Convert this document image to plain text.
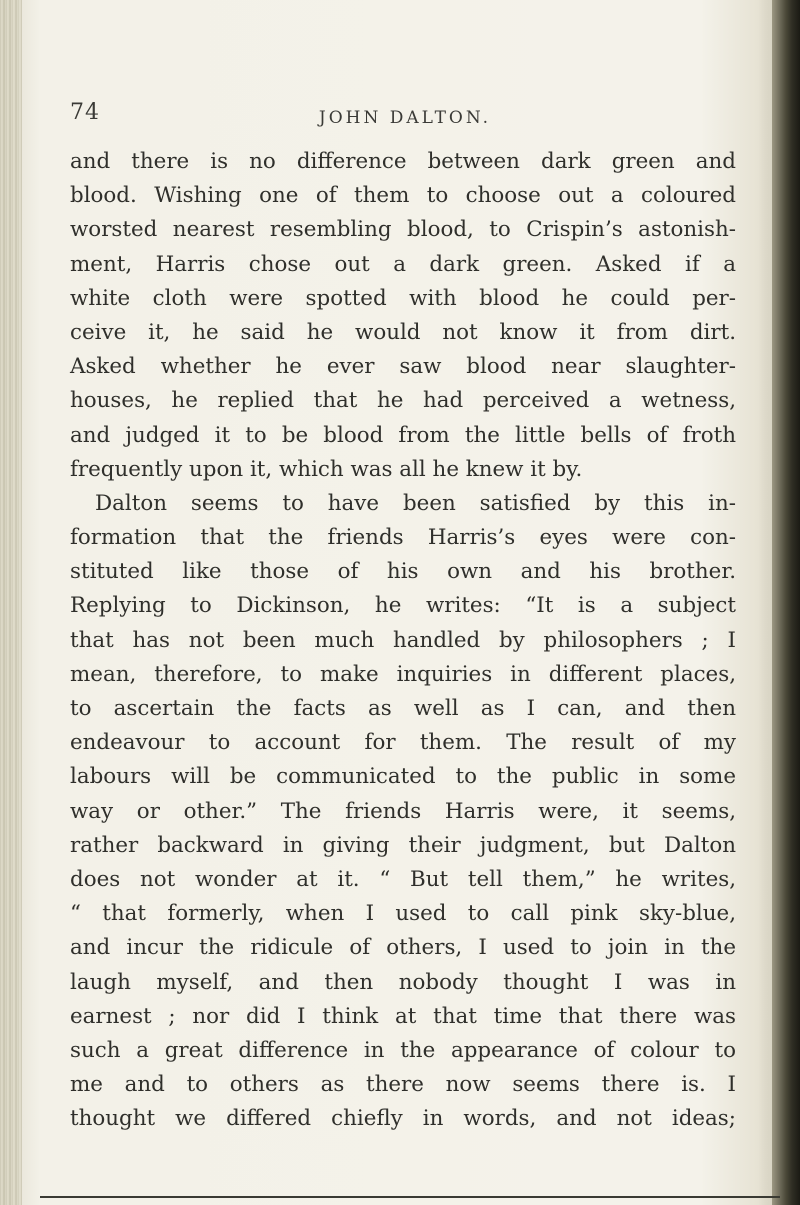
74	JOHN DALTON.
and there is no difference between dark green and
blood. Wishing one of them to choose out a coloured
worsted nearest resembling blood, to Crispin’s astonish-
ment, Harris chose out a dark green. Asked if a
white cloth were spotted with blood he could per-
ceive it, he said he would not know it from dirt.
Asked whether he ever saw blood near slaughter-
houses, he replied that he had perceived a wetness,
and judged it to be blood from the little bells of froth
frequently upon it, which was all he knew it by.
Dalton seems to have been satisfied by this in-
formation that the friends Harris’s eyes were con-
stituted like those of his own and his brother.
Replying to Dickinson, he writes: “It is a subject
that has not been much handled by philosophers ; I
mean, therefore, to make inquiries in different places,
to ascertain the facts as well as I can, and then
endeavour to account for them. The result of my
labours will be communicated to the public in some
way or other.” The friends Harris were, it seems,
rather backward in giving their judgment, but Dalton
does not wonder at it. “ But tell them,” he writes,
“ that formerly, when I used to call pink sky-blue,
and incur the ridicule of others, I used to join in the
laugh myself, and then nobody thought I was in
earnest ; nor did I think at that time that there was
such a great difference in the appearance of colour to
me and to others as there now seems there is. I
thought we differed chiefly in words, and not ideas;
